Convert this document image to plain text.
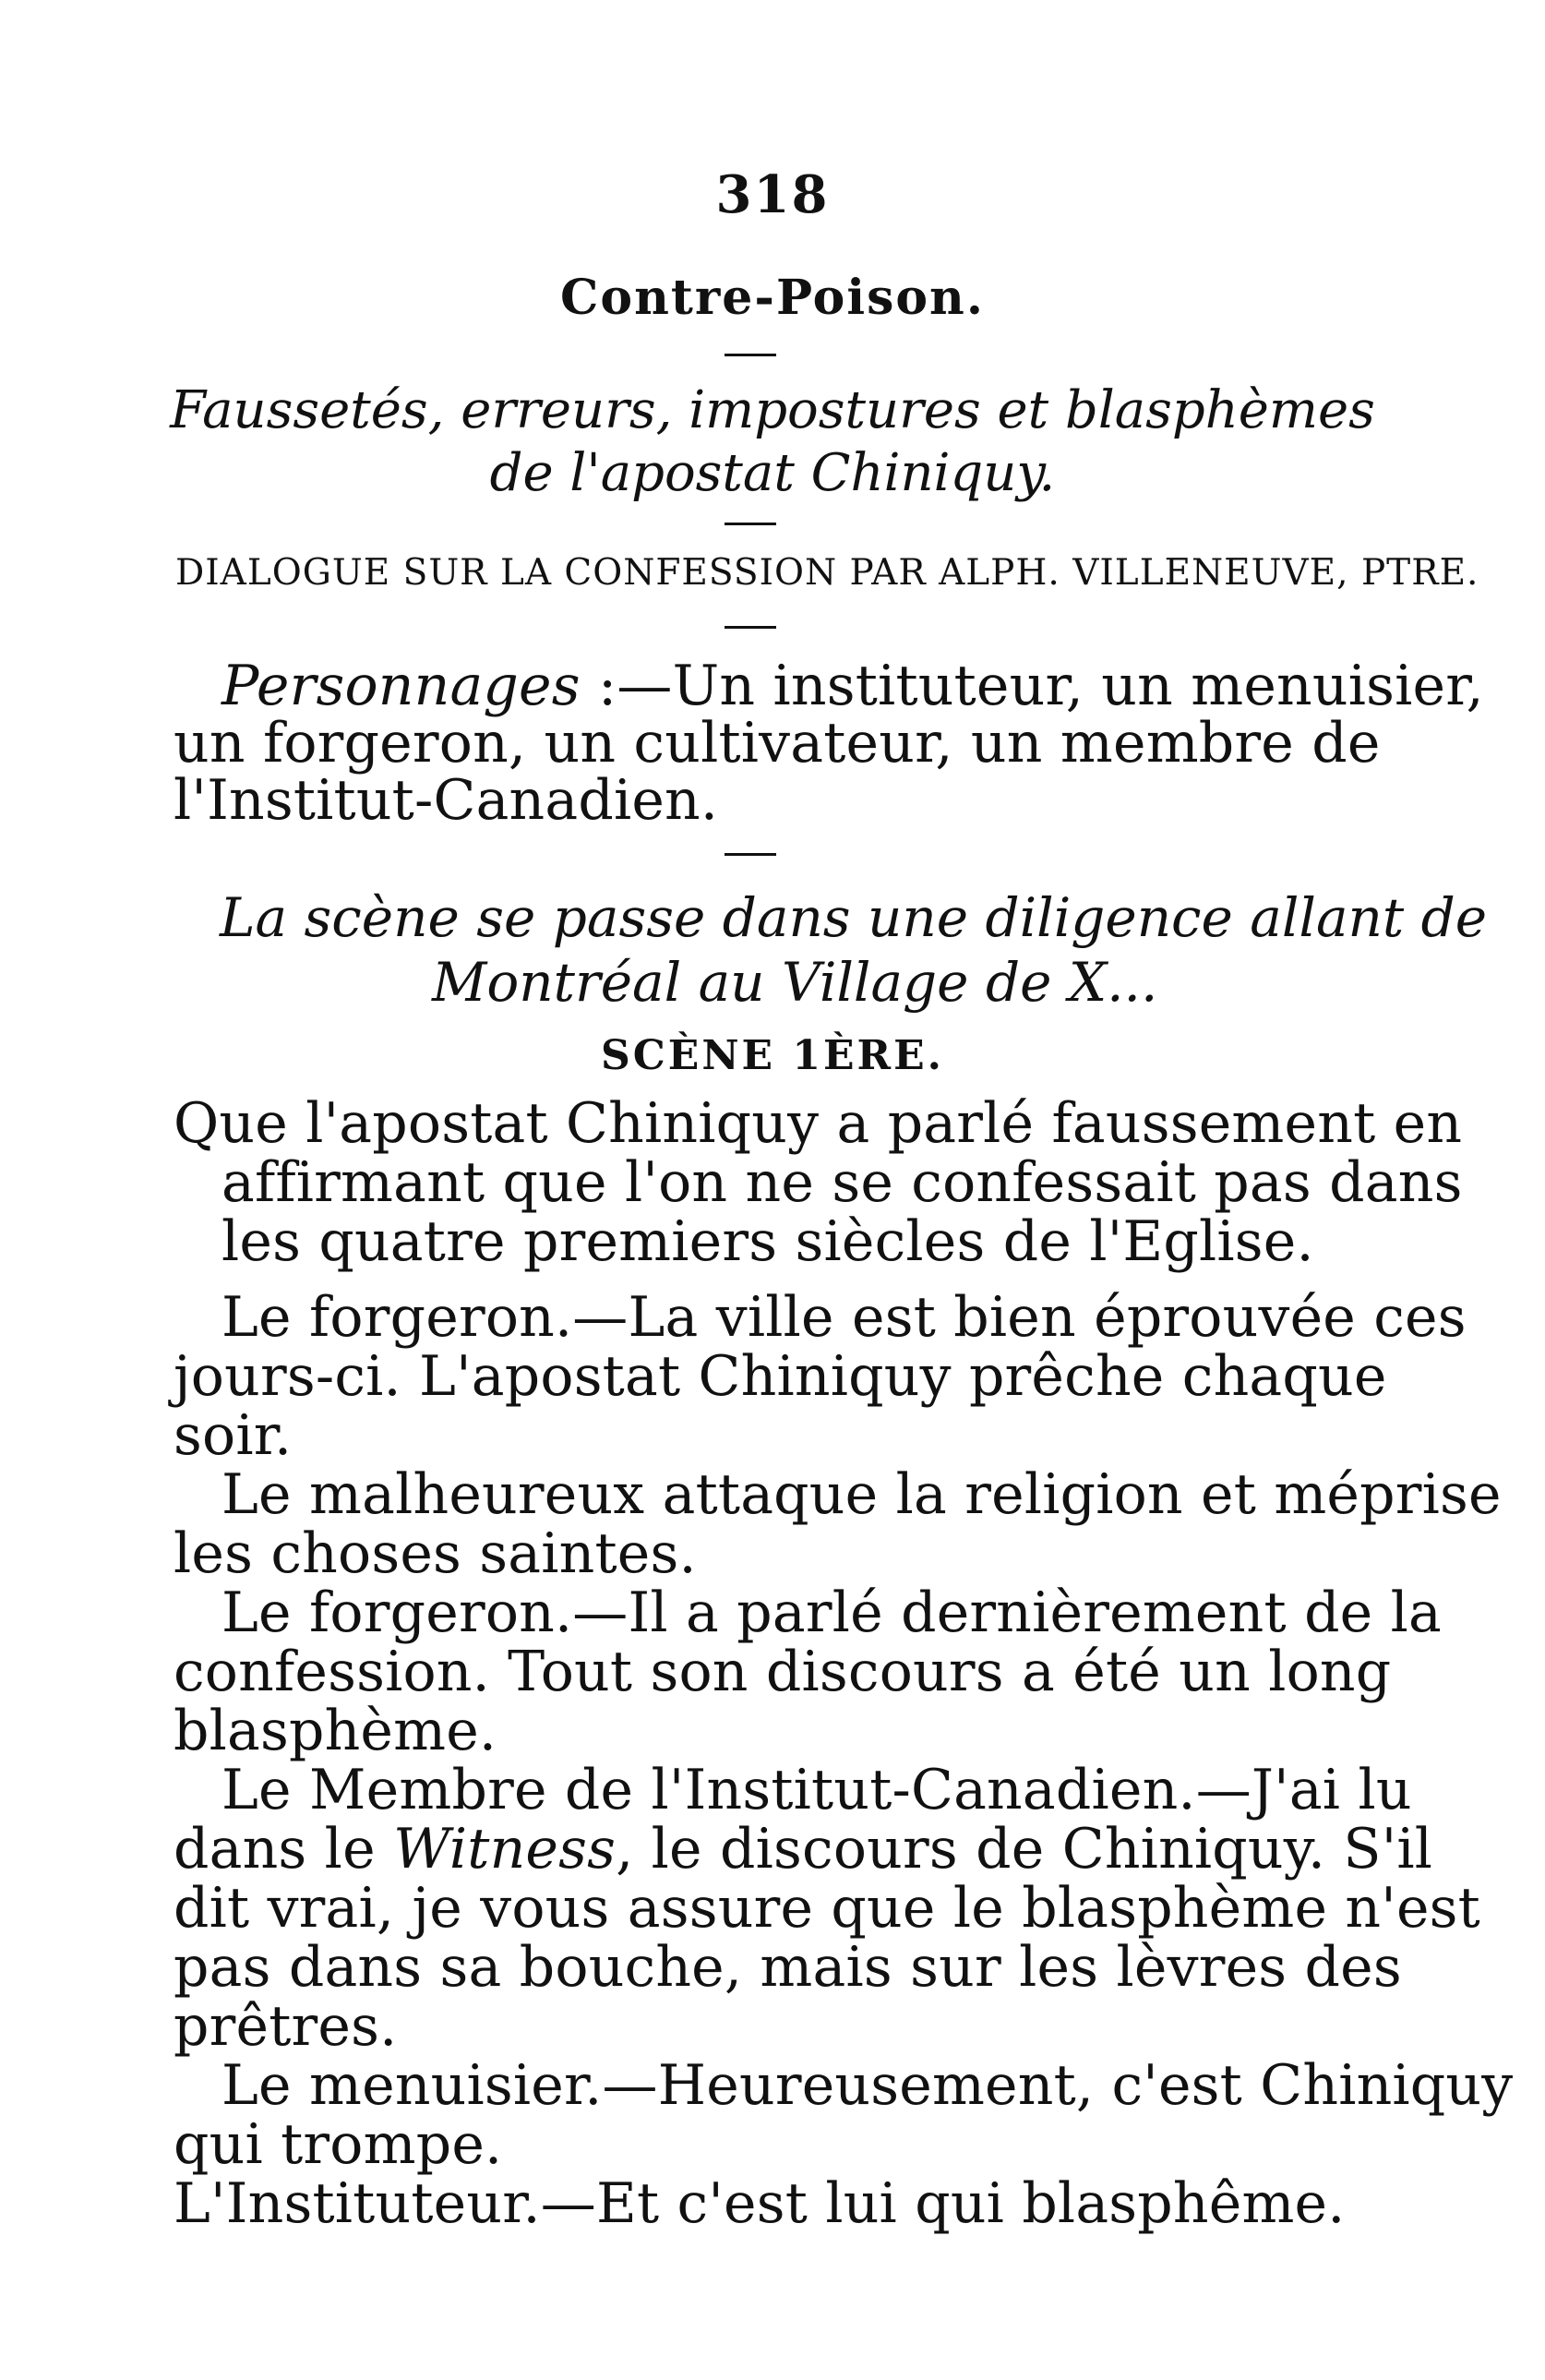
318
Contre-Poison.
Faussetés, erreurs, impostures et blasphèmes
de l'apostat Chiniquy.
DIALOGUE SUR LA CONFESSION PAR ALPH. VILLENEUVE, PTRE.
Personnages :—Un instituteur, un menuisier,
un forgeron, un cultivateur, un membre de
l'Institut-Canadien.
La scène se passe dans une diligence allant de
Montréal au Village de X...
SCÈNE 1ÈRE.
Que l'apostat Chiniquy a parlé faussement en
affirmant que l'on ne se confessait pas dans
les quatre premiers siècles de l'Eglise.
Le forgeron.—La ville est bien éprouvée ces
jours-ci. L'apostat Chiniquy prêche chaque
soir.
Le malheureux attaque la religion et méprise
les choses saintes.
Le forgeron.—Il a parlé dernièrement de la
confession. Tout son discours a été un long
blasphème.
Le Membre de l'Institut-Canadien.—J'ai lu
dans le Witness, le discours de Chiniquy. S'il
dit vrai, je vous assure que le blasphème n'est
pas dans sa bouche, mais sur les lèvres des
prêtres.
Le menuisier.—Heureusement, c'est Chiniquy
qui trompe.
L'Instituteur.—Et c'est lui qui blasphême.
